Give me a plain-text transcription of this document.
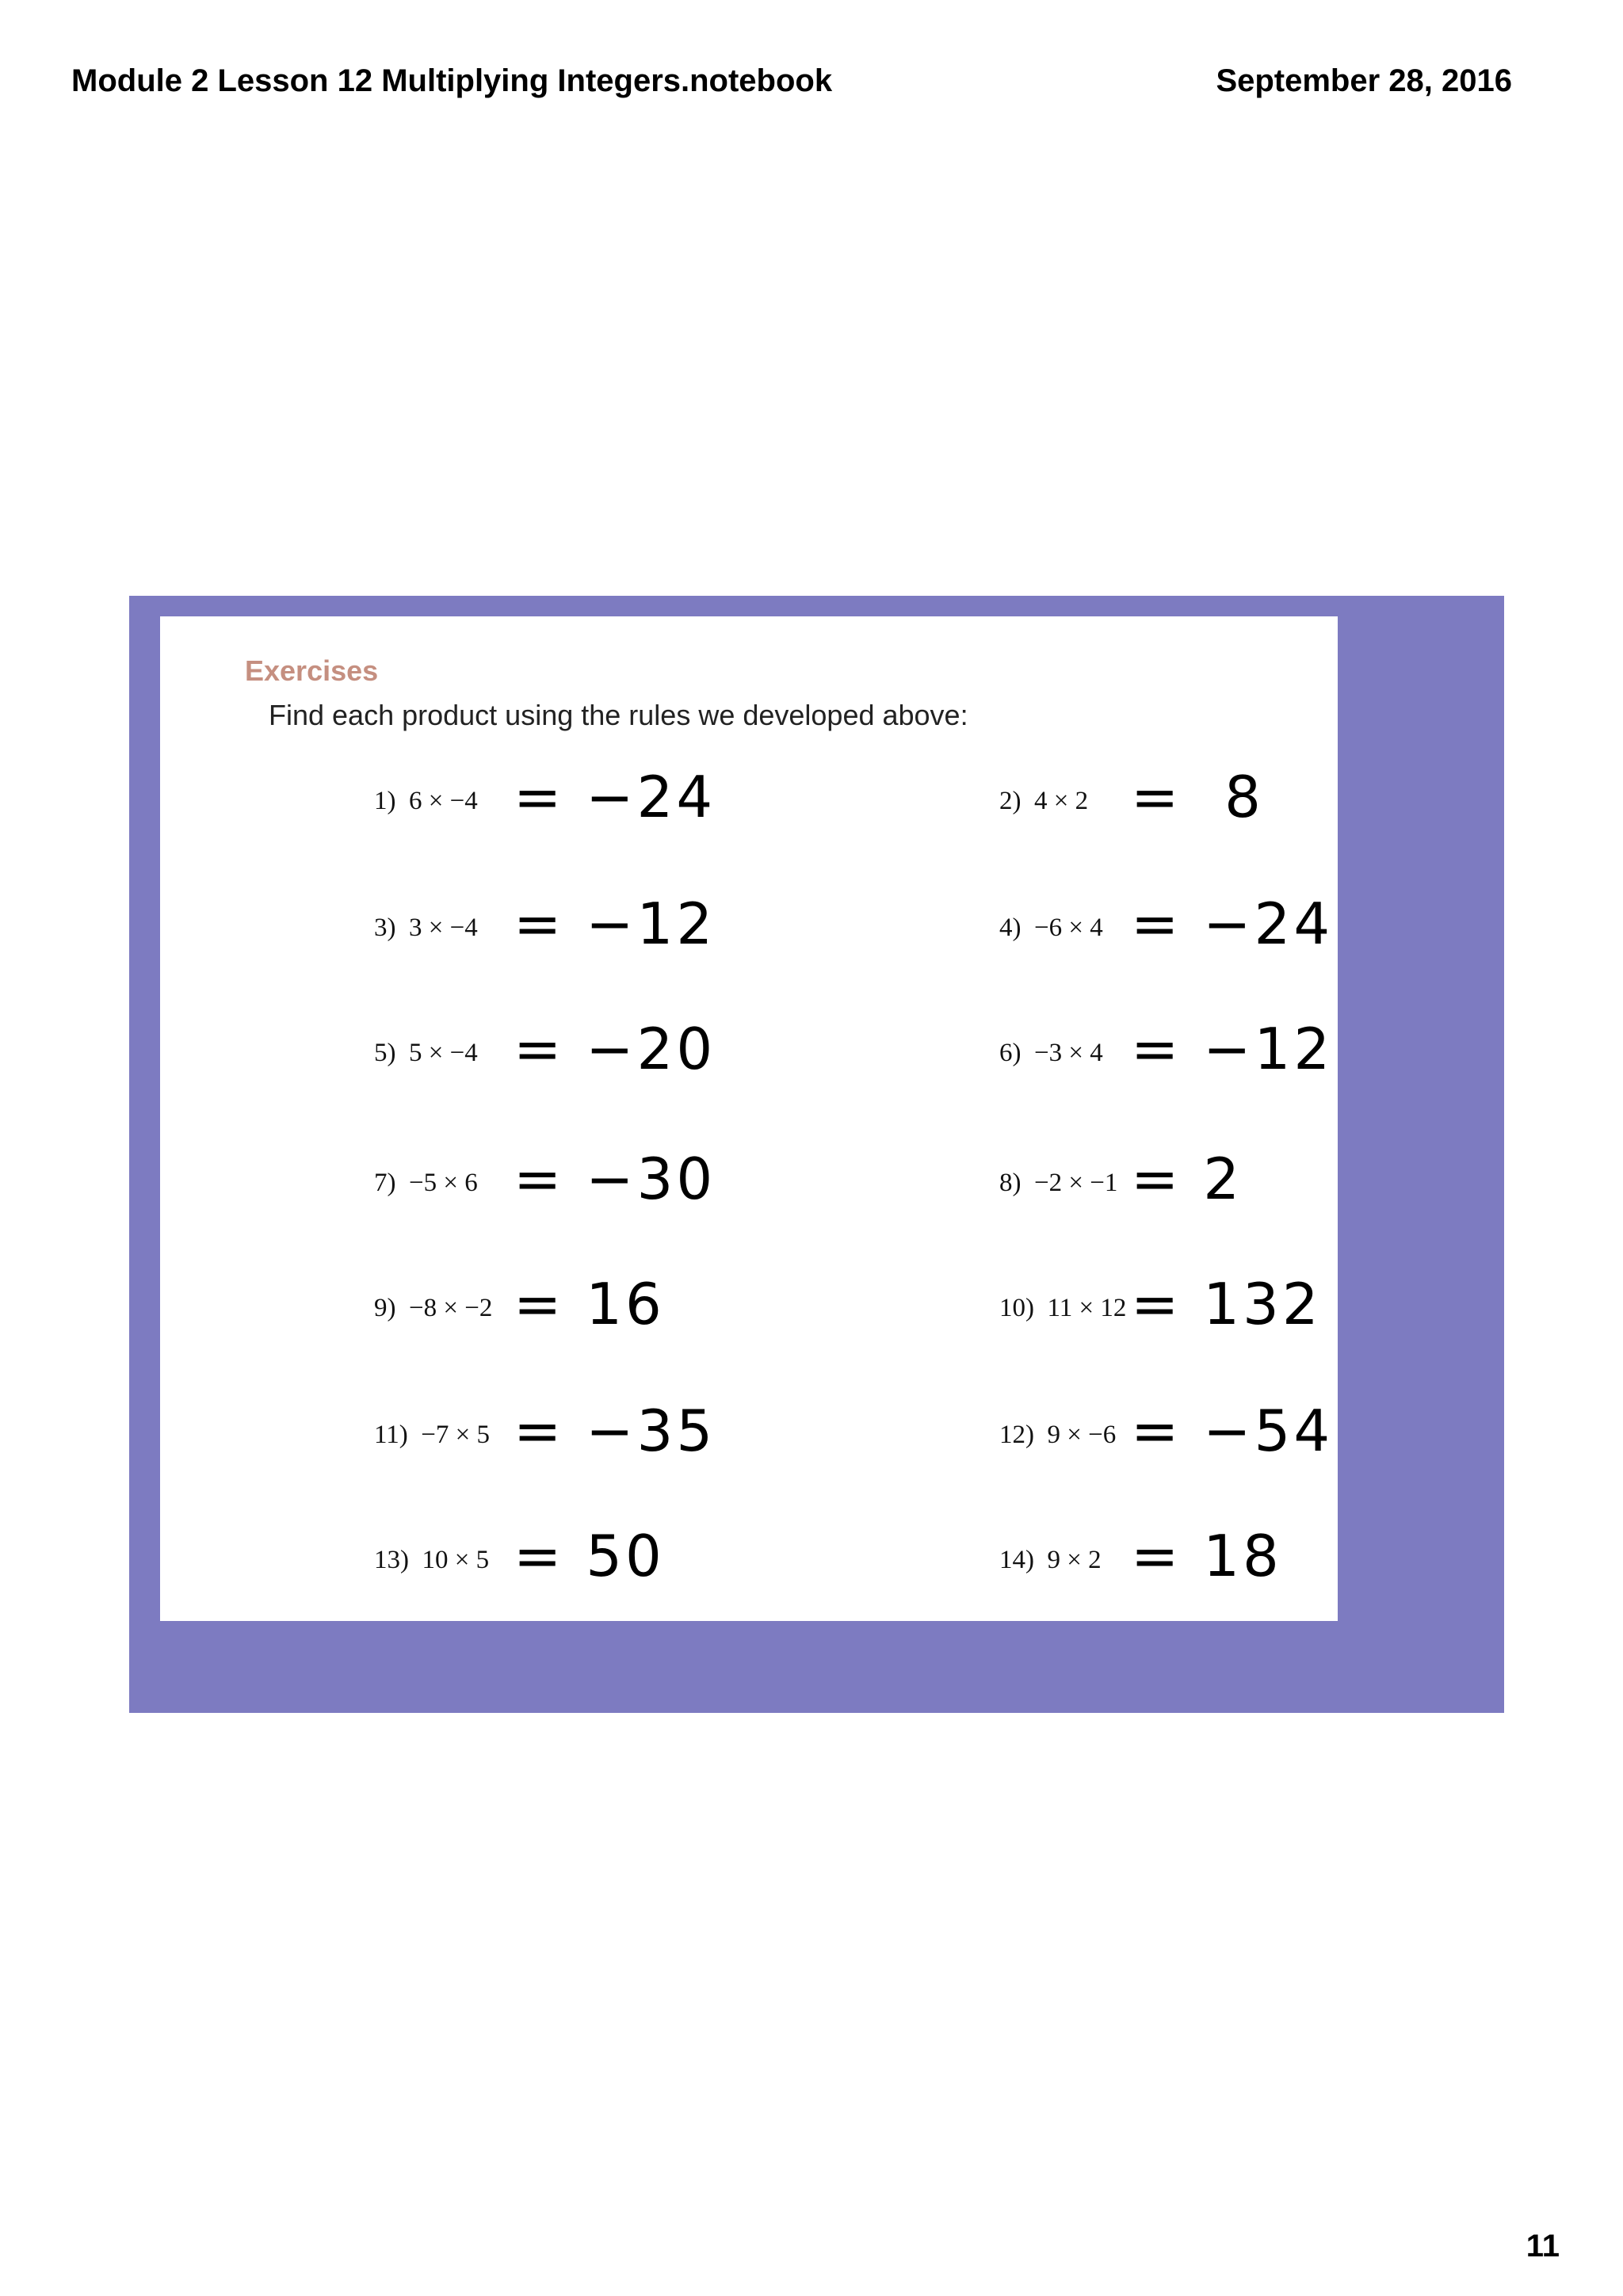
Module 2 Lesson 12 Multiplying Integers.notebook	September 28, 2016
Exercises
Find each product using the rules we developed above:
1)  6 × −4 = −24	2)  4 × 2 =  8
3)  3 × −4 = −12	4)  −6 × 4 = −24
5)  5 × −4 = −20	6)  −3 × 4 = −12
7)  −5 × 6 = −30	8)  −2 × −1 = 2
9)  −8 × −2 = 16	10)  11 × 12 = 132
11)  −7 × 5 = −35	12)  9 × −6 = −54
13)  10 × 5 = 50	14)  9 × 2 = 18
11
